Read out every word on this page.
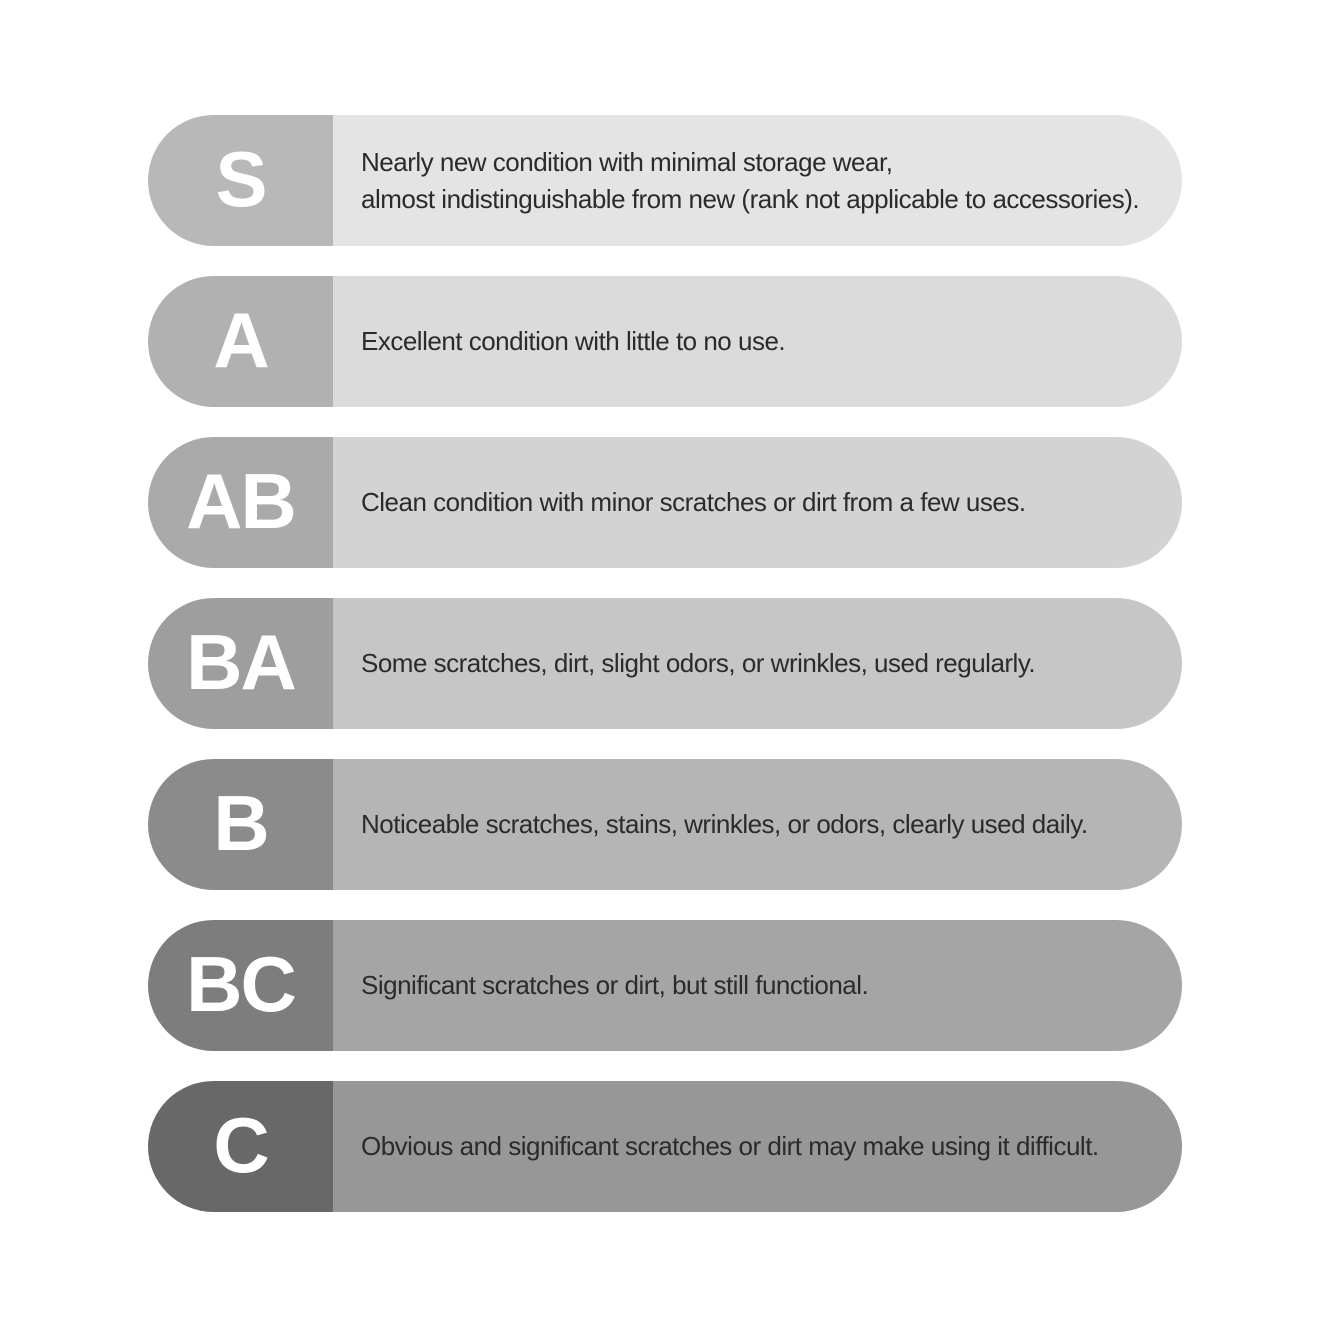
S	Nearly new condition with minimal storage wear,
almost indistinguishable from new (rank not applicable to accessories).
A	Excellent condition with little to no use.
AB	Clean condition with minor scratches or dirt from a few uses.
BA	Some scratches, dirt, slight odors, or wrinkles, used regularly.
B	Noticeable scratches, stains, wrinkles, or odors, clearly used daily.
BC	Significant scratches or dirt, but still functional.
C	Obvious and significant scratches or dirt may make using it difficult.
